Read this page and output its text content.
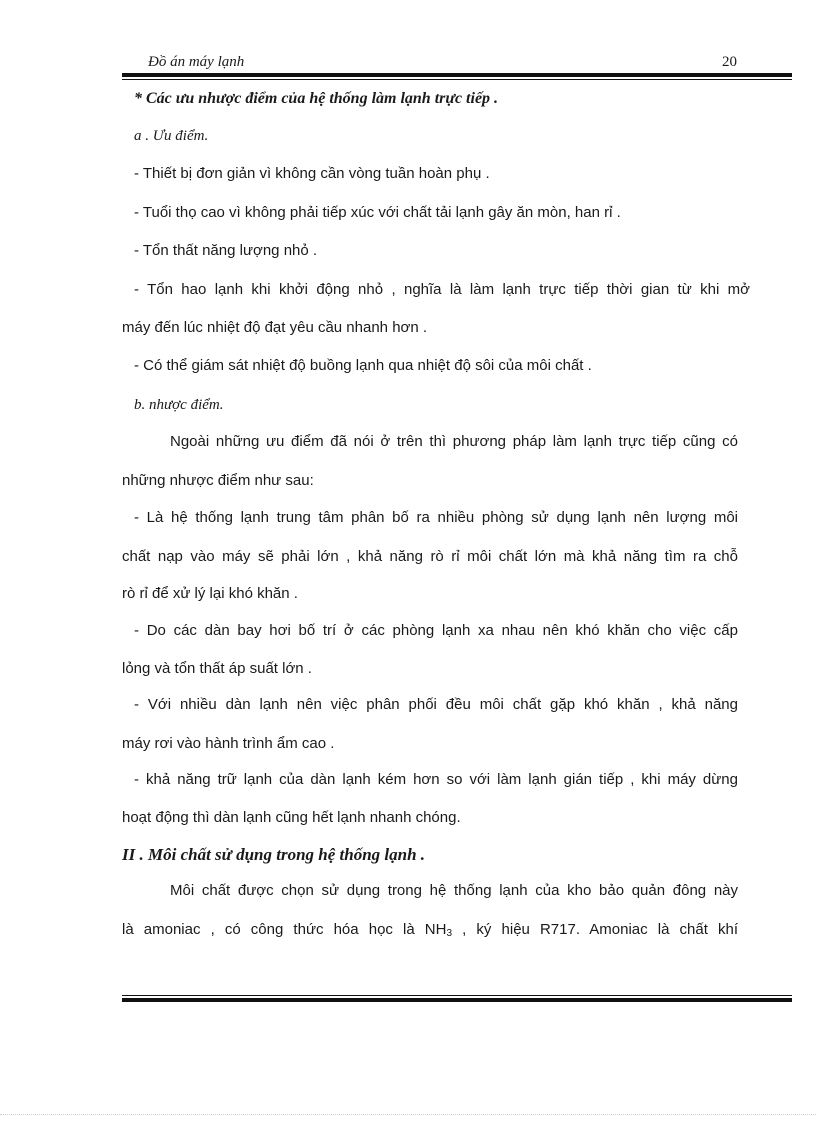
Đồ án máy lạnh	20
* Các ưu nhược điểm của hệ thống làm lạnh trực tiếp .
a . Ưu điểm.
- Thiết bị đơn giản vì không cần vòng tuần hoàn phụ .
- Tuổi thọ cao vì không phải tiếp xúc với chất tải lạnh gây ăn mòn, han rỉ .
- Tổn thất năng lượng nhỏ .
- Tổn hao lạnh khi khởi động nhỏ , nghĩa là làm lạnh trực tiếp thời gian từ khi mở
máy đến lúc nhiệt độ đạt yêu cầu nhanh hơn .
- Có thể giám sát nhiệt độ buồng lạnh qua nhiệt độ sôi của môi chất .
b. nhược điểm.
Ngoài những ưu điểm đã nói ở trên thì phương pháp làm lạnh trực tiếp cũng có
những nhược điểm như sau:
- Là hệ thống lạnh trung tâm phân bố ra nhiều phòng sử dụng lạnh nên lượng môi
chất nạp vào máy sẽ phải lớn , khả năng rò rỉ môi chất lớn mà khả năng tìm ra chỗ
rò rỉ để xử lý lại khó khăn .
- Do các dàn bay hơi bố trí ở các phòng lạnh xa nhau nên khó khăn cho việc cấp
lỏng và tổn thất áp suất lớn .
- Với nhiều dàn lạnh nên việc phân phối đều môi chất gặp khó khăn , khả năng
máy rơi vào hành trình ẩm cao .
- khả năng trữ lạnh của dàn lạnh kém hơn so với làm lạnh gián tiếp , khi máy dừng
hoạt động thì dàn lạnh cũng hết lạnh nhanh chóng.
II . Môi chất sử dụng trong hệ thống lạnh .
Môi chất được chọn sử dụng trong hệ thống lạnh của kho bảo quản đông này
là amoniac , có công thức hóa học là $NH_3$ , ký hiệu R717. Amoniac là chất khí
